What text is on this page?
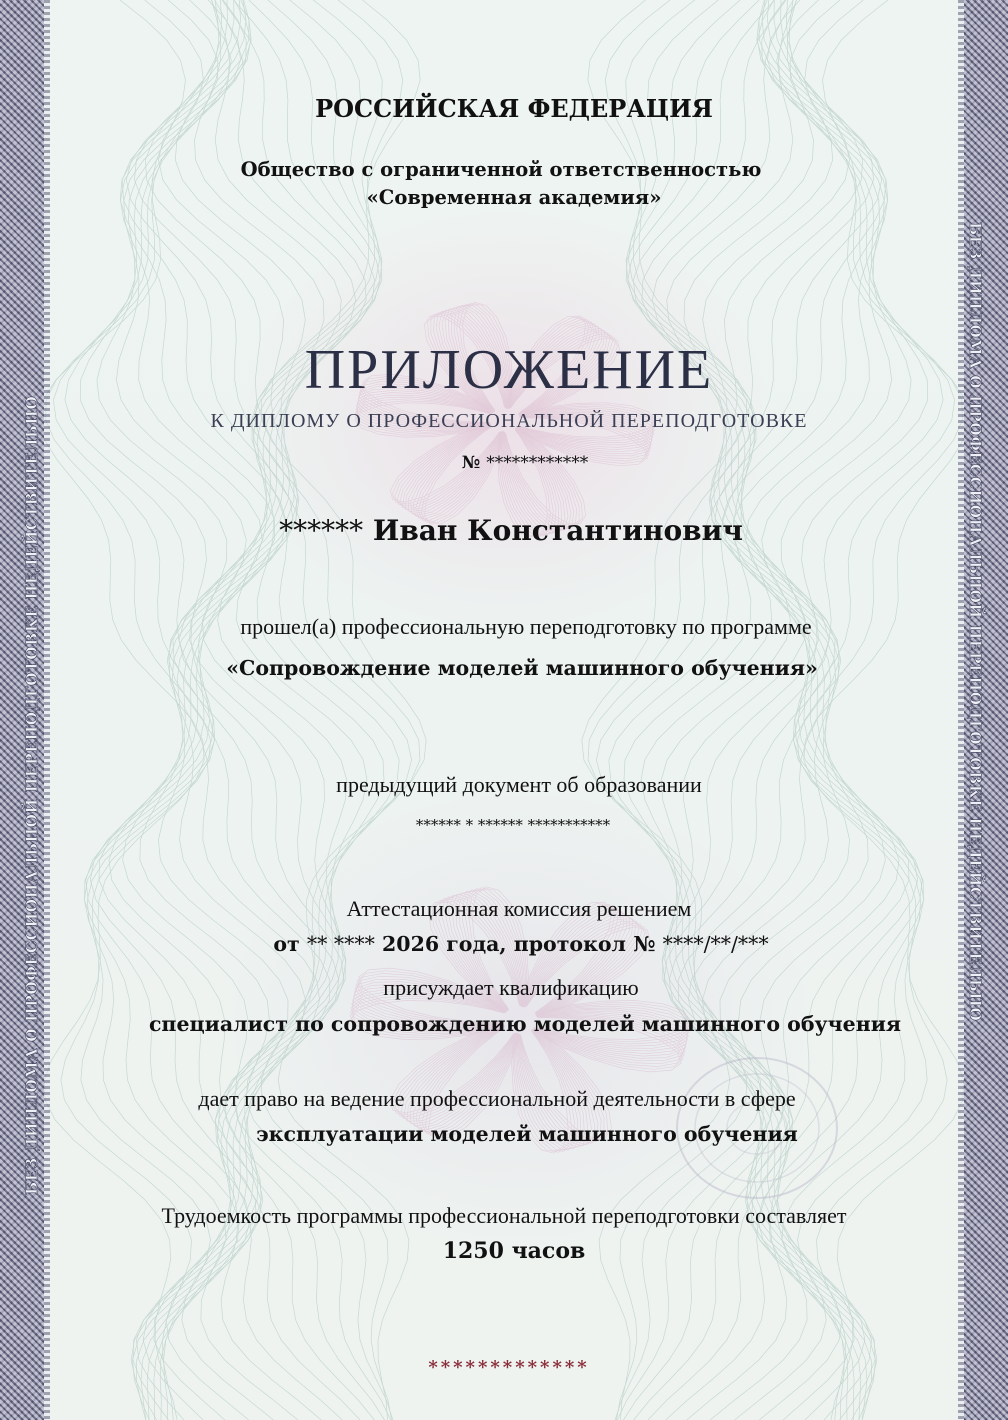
БЕЗ ДИПЛОМА О ПРОФЕССИОНАЛЬНОЙ ПЕРЕПОДГОТОВКЕ НЕДЕЙСТВИТЕЛЬНО	БЕЗ ДИПЛОМА О ПРОФЕССИОНАЛЬНОЙ ПЕРЕПОДГОТОВКЕ НЕДЕЙСТВИТЕЛЬНО
РОССИЙСКАЯ ФЕДЕРАЦИЯ
Общество с ограниченной ответственностью
«Современная академия»
ПРИЛОЖЕНИЕ
К ДИПЛОМУ О ПРОФЕССИОНАЛЬНОЙ ПЕРЕПОДГОТОВКЕ
№ ************
****** Иван Константинович
прошел(а) профессиональную переподготовку по программе
«Сопровождение моделей машинного обучения»
предыдущий документ об образовании
****** * ****** ***********
Аттестационная комиссия решением
от ** **** 2026 года, протокол № ****/**/***
присуждает квалификацию
специалист по сопровождению моделей машинного обучения
дает право на ведение профессиональной деятельности в сфере
эксплуатации моделей машинного обучения
Трудоемкость программы профессиональной переподготовки составляет
1250 часов
*************
